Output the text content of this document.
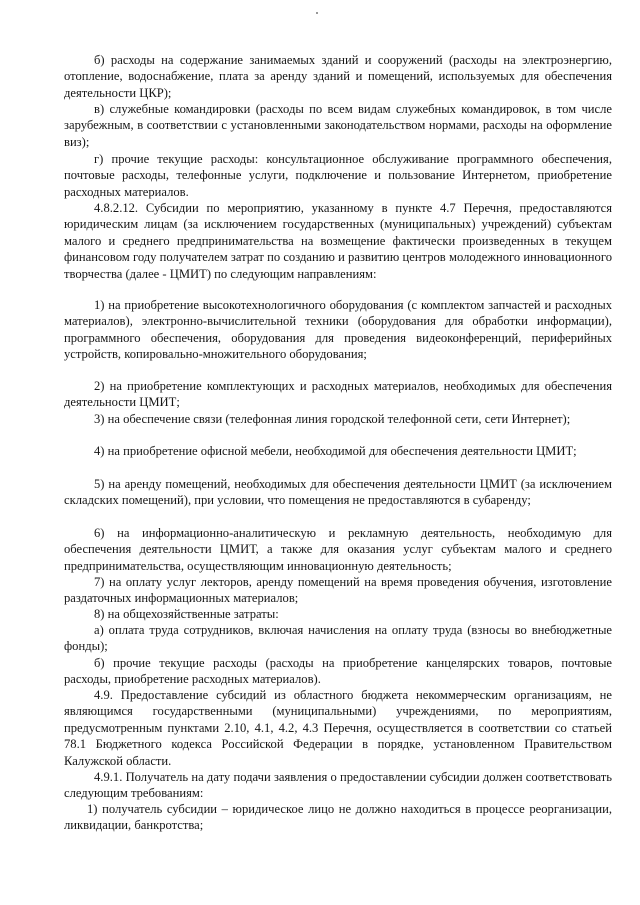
б) расходы на содержание занимаемых зданий и сооружений (расходы на электроэнергию, отопление, водоснабжение, плата за аренду зданий и помещений, используемых для обеспечения деятельности ЦКР);

в) служебные командировки (расходы по всем видам служебных командировок, в том числе зарубежным, в соответствии с установленными законодательством нормами, расходы на оформление виз);

г) прочие текущие расходы: консультационное обслуживание программного обеспечения, почтовые расходы, телефонные услуги, подключение и пользование Интернетом, приобретение расходных материалов.

4.8.2.12. Субсидии по мероприятию, указанному в пункте 4.7 Перечня, предоставляются юридическим лицам (за исключением государственных (муниципальных) учреждений) субъектам малого и среднего предпринимательства на возмещение фактически произведенных в текущем финансовом году получателем затрат по созданию и развитию центров молодежного инновационного творчества (далее - ЦМИТ) по следующим направлениям:

1) на приобретение высокотехнологичного оборудования (с комплектом запчастей и расходных материалов), электронно-вычислительной техники (оборудования для обработки информации), программного обеспечения, оборудования для проведения видеоконференций, периферийных устройств, копировально-множительного оборудования;

2) на приобретение комплектующих и расходных материалов, необходимых для обеспечения деятельности ЦМИТ;

3) на обеспечение связи (телефонная линия городской телефонной сети, сети Интернет);

4) на приобретение офисной мебели, необходимой для обеспечения деятельности ЦМИТ;

5) на аренду помещений, необходимых для обеспечения деятельности ЦМИТ (за исключением складских помещений), при условии, что помещения не предоставляются в субаренду;

6) на информационно-аналитическую и рекламную деятельность, необходимую для обеспечения деятельности ЦМИТ, а также для оказания услуг субъектам малого и среднего предпринимательства, осуществляющим инновационную деятельность;

7) на оплату услуг лекторов, аренду помещений на время проведения обучения, изготовление раздаточных информационных материалов;

8) на общехозяйственные затраты:

а) оплата труда сотрудников, включая начисления на оплату труда (взносы во внебюджетные фонды);

б) прочие текущие расходы (расходы на приобретение канцелярских товаров, почтовые расходы, приобретение расходных материалов).

4.9. Предоставление субсидий из областного бюджета некоммерческим организациям, не являющимся государственными (муниципальными) учреждениями, по мероприятиям, предусмотренным пунктами 2.10, 4.1, 4.2, 4.3 Перечня, осуществляется в соответствии со статьей 78.1 Бюджетного кодекса Российской Федерации в порядке, установленном Правительством Калужской области.

4.9.1. Получатель на дату подачи заявления о предоставлении субсидии должен соответствовать следующим требованиям:

1) получатель субсидии – юридическое лицо не должно находиться в процессе реорганизации, ликвидации, банкротства;
